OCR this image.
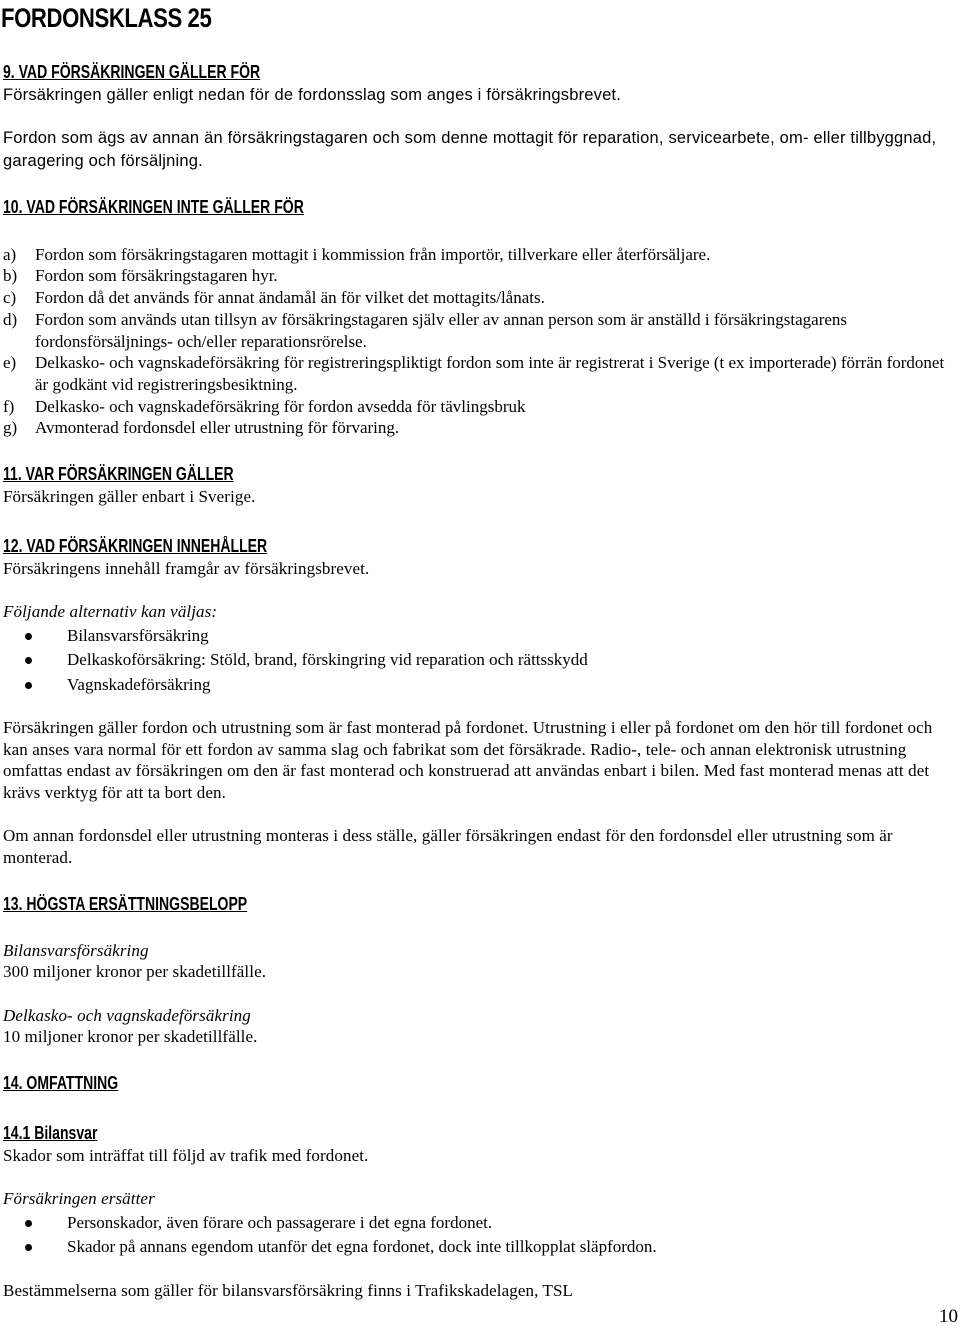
FORDONSKLASS 25
9. VAD FÖRSÄKRINGEN GÄLLER FÖR
Försäkringen gäller enligt nedan för de fordonsslag som anges i försäkringsbrevet.
Fordon som ägs av annan än försäkringstagaren och som denne mottagit för reparation, servicearbete, om- eller tillbyggnad, garagering och försäljning.
10. VAD FÖRSÄKRINGEN INTE GÄLLER FÖR
a) Fordon som försäkringstagaren mottagit i kommission från importör, tillverkare eller återförsäljare.
b) Fordon som försäkringstagaren hyr.
c) Fordon då det används för annat ändamål än för vilket det mottagits/lånats.
d) Fordon som används utan tillsyn av försäkringstagaren själv eller av annan person som är anställd i försäkringstagarens fordonsförsäljnings- och/eller reparationsrörelse.
e) Delkasko- och vagnskadeförsäkring för registreringspliktigt fordon som inte är registrerat i Sverige (t ex importerade) förrän fordonet är godkänt vid registreringsbesiktning.
f) Delkasko- och vagnskadeförsäkring för fordon avsedda för tävlingsbruk
g) Avmonterad fordonsdel eller utrustning för förvaring.
11. VAR FÖRSÄKRINGEN GÄLLER
Försäkringen gäller enbart i Sverige.
12. VAD FÖRSÄKRINGEN INNEHÅLLER
Försäkringens innehåll framgår av försäkringsbrevet.
Följande alternativ kan väljas:
Bilansvarsförsäkring
Delkaskoförsäkring: Stöld, brand, förskingring vid reparation och rättsskydd
Vagnskadeförsäkring
Försäkringen gäller fordon och utrustning som är fast monterad på fordonet. Utrustning i eller på fordonet om den hör till fordonet och kan anses vara normal för ett fordon av samma slag och fabrikat som det försäkrade. Radio-, tele- och annan elektronisk utrustning omfattas endast av försäkringen om den är fast monterad och konstruerad att användas enbart i bilen. Med fast monterad menas att det krävs verktyg för att ta bort den.
Om annan fordonsdel eller utrustning monteras i dess ställe, gäller försäkringen endast för den fordonsdel eller utrustning som är monterad.
13. HÖGSTA ERSÄTTNINGSBELOPP
Bilansvarsförsäkring
300 miljoner kronor per skadetillfälle.
Delkasko- och vagnskadeförsäkring
10 miljoner kronor per skadetillfälle.
14. OMFATTNING
14.1 Bilansvar
Skador som inträffat till följd av trafik med fordonet.
Försäkringen ersätter
Personskador, även förare och passagerare i det egna fordonet.
Skador på annans egendom utanför det egna fordonet, dock inte tillkopplat släpfordon.
Bestämmelserna som gäller för bilansvarsförsäkring finns i Trafikskadelagen, TSL
10
